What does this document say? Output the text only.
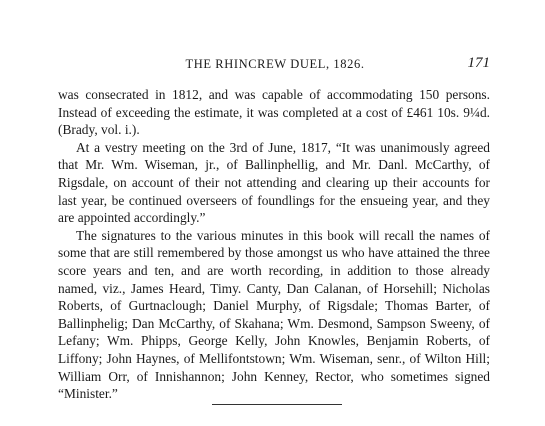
THE RHINCREW DUEL, 1826.	171

was consecrated in 1812, and was capable of accommodating 150 persons. Instead of exceeding the estimate, it was completed at a cost of £461 10s. 9¼d. (Brady, vol. i.).

At a vestry meeting on the 3rd of June, 1817, “It was unanimously agreed that Mr. Wm. Wiseman, jr., of Ballinphellig, and Mr. Danl. McCarthy, of Rigsdale, on account of their not attending and clearing up their accounts for last year, be continued overseers of foundlings for the ensueing year, and they are appointed accordingly.”

The signatures to the various minutes in this book will recall the names of some that are still remembered by those amongst us who have attained the three score years and ten, and are worth recording, in addition to those already named, viz., James Heard, Timy. Canty, Dan Calanan, of Horsehill; Nicholas Roberts, of Gurtnaclough; Daniel Murphy, of Rigsdale; Thomas Barter, of Ballinphelig; Dan McCarthy, of Skahana; Wm. Desmond, Sampson Sweeny, of Lefany; Wm. Phipps, George Kelly, John Knowles, Benjamin Roberts, of Liffony; John Haynes, of Mellifontstown; Wm. Wiseman, senr., of Wilton Hill; William Orr, of Innishannon; John Kenney, Rector, who sometimes signed “Minister.”
